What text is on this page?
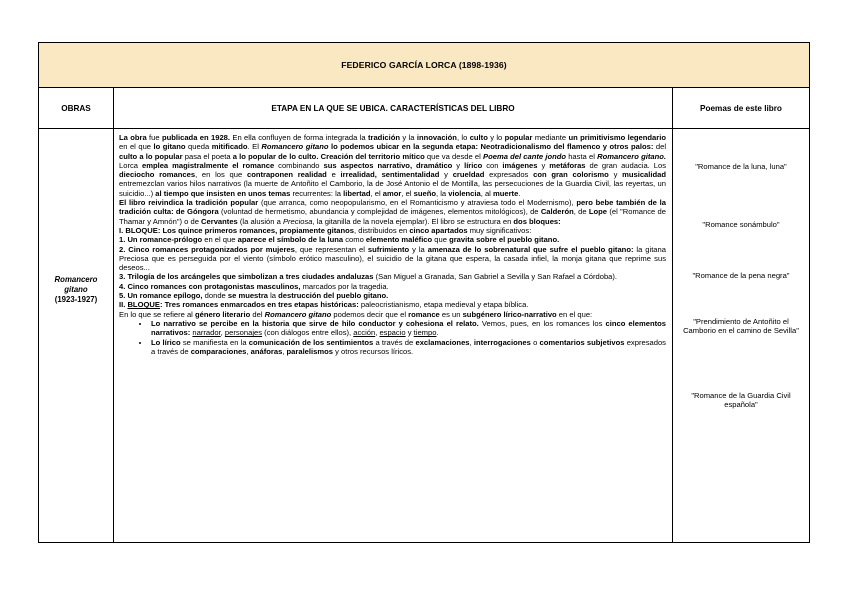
FEDERICO GARCÍA LORCA (1898-1936)
OBRAS	ETAPA EN LA QUE SE UBICA. CARACTERÍSTICAS DEL LIBRO	Poemas de este libro
Romancero gitano
(1923-1927)

La obra fue publicada en 1928. En ella confluyen de forma integrada la tradición y la innovación, lo culto y lo popular mediante un primitivismo legendario en el que lo gitano queda mitificado. El Romancero gitano lo podemos ubicar en la segunda etapa: Neotradicionalismo del flamenco y otros palos: del culto a lo popular pasa el poeta a lo popular de lo culto. Creación del territorio mítico que va desde el Poema del cante jondo hasta el Romancero gitano. Lorca emplea magistralmente el romance combinando sus aspectos narrativo, dramático y lírico con imágenes y metáforas de gran audacia. Los dieciocho romances, en los que contraponen realidad e irrealidad, sentimentalidad y crueldad expresados con gran colorismo y musicalidad entremezclan varios hilos narrativos (la muerte de Antoñito el Camborio, la de José Antonio el de Montilla, las persecuciones de la Guardia Civil, las reyertas, un suicidio...) al tiempo que insisten en unos temas recurrentes: la libertad, el amor, el sueño, la violencia, al muerte.

El libro reivindica la tradición popular (que arranca, como neopopularismo, en el Romanticismo y atraviesa todo el Modernismo), pero bebe también de la tradición culta: de Góngora (voluntad de hermetismo, abundancia y complejidad de imágenes, elementos mitológicos), de Calderón, de Lope (el "Romance de Thamar y Amnón") o de Cervantes (la alusión a Preciosa, la gitanilla de la novela ejemplar). El libro se estructura en dos bloques:

I. BLOQUE: Los quince primeros romances, propiamente gitanos, distribuidos en cinco apartados muy significativos:

1. Un romance-prólogo en el que aparece el símbolo de la luna como elemento maléfico que gravita sobre el pueblo gitano.

2. Cinco romances protagonizados por mujeres, que representan el sufrimiento y la amenaza de lo sobrenatural que sufre el pueblo gitano: la gitana Preciosa que es perseguida por el viento (símbolo erótico masculino), el suicidio de la gitana que espera, la casada infiel, la monja gitana que reprime sus deseos...

3. Trilogía de los arcángeles que simbolizan a tres ciudades andaluzas (San Miguel a Granada, San Gabriel a Sevilla y San Rafael a Córdoba).

4. Cinco romances con protagonistas masculinos, marcados por la tragedia.

5. Un romance epílogo, donde se muestra la destrucción del pueblo gitano.

II. BLOQUE: Tres romances enmarcados en tres etapas históricas: paleocristianismo, etapa medieval y etapa bíblica.

En lo que se refiere al género literario del Romancero gitano podemos decir que el romance es un subgénero lírico-narrativo en el que:

Lo narrativo se percibe en la historia que sirve de hilo conductor y cohesiona el relato. Vemos, pues, en los romances los cinco elementos narrativos: narrador, personajes (con diálogos entre ellos), acción, espacio y tiempo.

Lo lírico se manifiesta en la comunicación de los sentimientos a través de exclamaciones, interrogaciones o comentarios subjetivos expresados a través de comparaciones, anáforas, paralelismos y otros recursos líricos.

"Romance de la luna, luna"
"Romance sonámbulo"
"Romance de la pena negra"
"Prendimiento de Antoñito el Camborio en el camino de Sevilla"
"Romance de la Guardia Civil española"
